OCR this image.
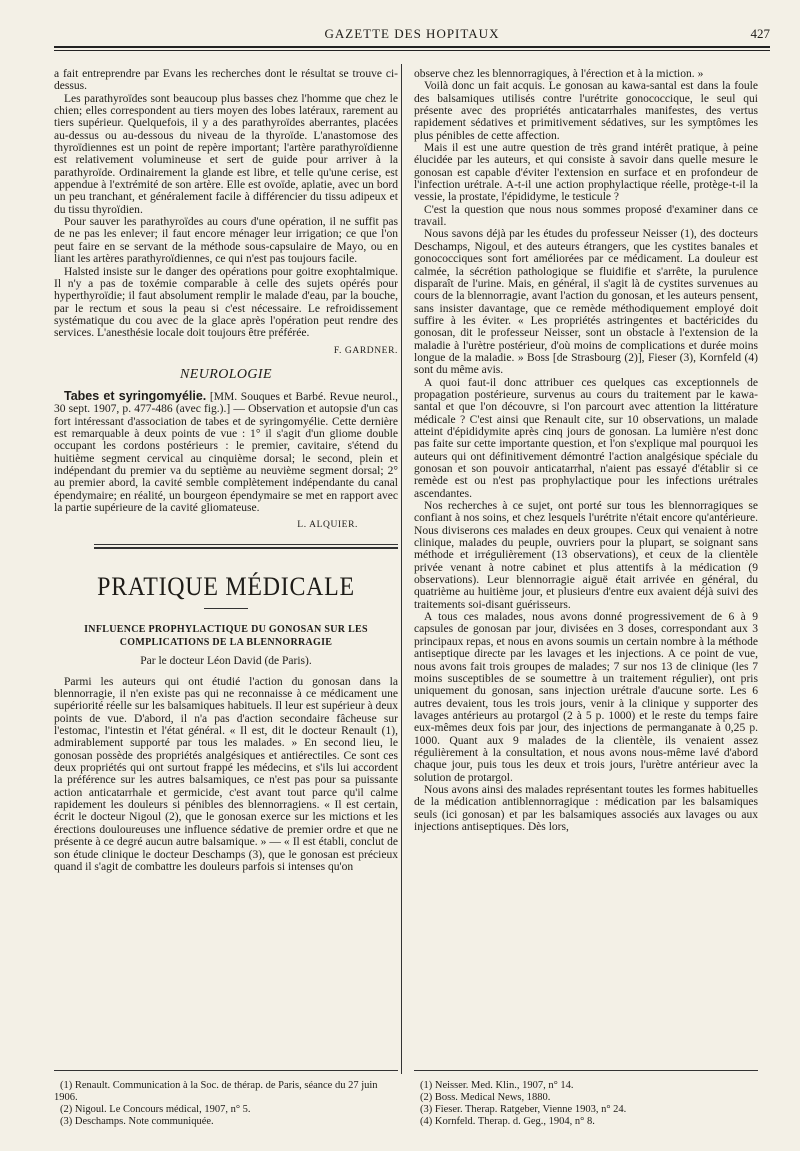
GAZETTE DES HOPITAUX	427

a fait entreprendre par Evans les recherches dont le résultat se trouve ci-dessus.

Les parathyroïdes sont beaucoup plus basses chez l'homme que chez le chien; elles correspondent au tiers moyen des lobes latéraux, rarement au tiers supérieur. Quelquefois, il y a des parathyroïdes aberrantes, placées au-dessus ou au-dessous du niveau de la thyroïde. L'anastomose des thyroïdiennes est un point de repère important; l'artère parathyroïdienne est relativement volumineuse et sert de guide pour arriver à la parathyroïde. Ordinairement la glande est libre, et telle qu'une cerise, est appendue à l'extrémité de son artère. Elle est ovoïde, aplatie, avec un bord un peu tranchant, et généralement facile à différencier du tissu adipeux et du tissu thyroïdien.

Pour sauver les parathyroïdes au cours d'une opération, il ne suffit pas de ne pas les enlever; il faut encore ménager leur irrigation; ce que l'on peut faire en se servant de la méthode sous-capsulaire de Mayo, ou en liant les artères parathyroïdiennes, ce qui n'est pas toujours facile.

Halsted insiste sur le danger des opérations pour goitre exophtalmique. Il n'y a pas de toxémie comparable à celle des sujets opérés pour hyperthyroïdie; il faut absolument remplir le malade d'eau, par la bouche, par le rectum et sous la peau si c'est nécessaire. Le refroidissement systématique du cou avec de la glace après l'opération peut rendre des services. L'anesthésie locale doit toujours être préférée.

F. GARDNER.

NEUROLOGIE

Tabes et syringomyélie. [MM. Souques et Barbé. Revue neurol., 30 sept. 1907, p. 477-486 (avec fig.).] — Observation et autopsie d'un cas fort intéressant d'association de tabes et de syringomyélie. Cette dernière est remarquable à deux points de vue : 1° il s'agit d'un gliome double occupant les cordons postérieurs : le premier, cavitaire, s'étend du huitième segment cervical au cinquième dorsal; le second, plein et indépendant du premier va du septième au neuvième segment dorsal; 2° au premier abord, la cavité semble complètement indépendante du canal épendymaire; en réalité, un bourgeon épendymaire se met en rapport avec la partie supérieure de la cavité gliomateuse.

L. ALQUIER.

PRATIQUE MÉDICALE
INFLUENCE PROPHYLACTIQUE DU GONOSAN SUR LES COMPLICATIONS DE LA BLENNORRAGIE
Par le docteur Léon David (de Paris).

Parmi les auteurs qui ont étudié l'action du gonosan dans la blennorragie, il n'en existe pas qui ne reconnaisse à ce médicament une supériorité réelle sur les balsamiques habituels. Il leur est supérieur à deux points de vue. D'abord, il n'a pas d'action secondaire fâcheuse sur l'estomac, l'intestin et l'état général. « Il est, dit le docteur Renault (1), admirablement supporté par tous les malades. » En second lieu, le gonosan possède des propriétés analgésiques et antiérectiles. Ce sont ces deux propriétés qui ont surtout frappé les médecins, et s'ils lui accordent la préférence sur les autres balsamiques, ce n'est pas pour sa puissante action anticatarrhale et germicide, c'est avant tout parce qu'il calme rapidement les douleurs si pénibles des blennorragiens. « Il est certain, écrit le docteur Nigoul (2), que le gonosan exerce sur les mictions et les érections douloureuses une influence sédative de premier ordre et que ne présente à ce degré aucun autre balsamique. » — « Il est établi, conclut de son étude clinique le docteur Deschamps (3), que le gonosan est précieux quand il s'agit de combattre les douleurs parfois si intenses qu'on

(1) Renault. Communication à la Soc. de thérap. de Paris, séance du 27 juin 1906.

(2) Nigoul. Le Concours médical, 1907, n° 5.

(3) Deschamps. Note communiquée.

observe chez les blennorragiques, à l'érection et à la miction. »

Voilà donc un fait acquis. Le gonosan au kawa-santal est dans la foule des balsamiques utilisés contre l'urétrite gonococcique, le seul qui présente avec des propriétés anticatarrhales manifestes, des vertus rapidement sédatives et primitivement sédatives, sur les symptômes les plus pénibles de cette affection.

Mais il est une autre question de très grand intérêt pratique, à peine élucidée par les auteurs, et qui consiste à savoir dans quelle mesure le gonosan est capable d'éviter l'extension en surface et en profondeur de l'infection urétrale. A-t-il une action prophylactique réelle, protège-t-il la vessie, la prostate, l'épididyme, le testicule ?

C'est la question que nous nous sommes proposé d'examiner dans ce travail.

Nous savons déjà par les études du professeur Neisser (1), des docteurs Deschamps, Nigoul, et des auteurs étrangers, que les cystites banales et gonococciques sont fort améliorées par ce médicament. La douleur est calmée, la sécrétion pathologique se fluidifie et s'arrête, la purulence disparaît de l'urine. Mais, en général, il s'agit là de cystites survenues au cours de la blennorragie, avant l'action du gonosan, et les auteurs pensent, sans insister davantage, que ce remède méthodiquement employé doit suffire à les éviter. « Les propriétés astringentes et bactéricides du gonosan, dit le professeur Neisser, sont un obstacle à l'extension de la maladie à l'urètre postérieur, d'où moins de complications et durée moins longue de la maladie. » Boss [de Strasbourg (2)], Fieser (3), Kornfeld (4) sont du même avis.

A quoi faut-il donc attribuer ces quelques cas exceptionnels de propagation postérieure, survenus au cours du traitement par le kawa-santal et que l'on découvre, si l'on parcourt avec attention la littérature médicale ? C'est ainsi que Renault cite, sur 10 observations, un malade atteint d'épididymite après cinq jours de gonosan. La lumière n'est donc pas faite sur cette importante question, et l'on s'explique mal pourquoi les auteurs qui ont définitivement démontré l'action analgésique spéciale du gonosan et son pouvoir anticatarrhal, n'aient pas essayé d'établir si ce remède est ou n'est pas prophylactique pour les infections urétrales ascendantes.

Nos recherches à ce sujet, ont porté sur tous les blennorragiques se confiant à nos soins, et chez lesquels l'urétrite n'était encore qu'antérieure. Nous diviserons ces malades en deux groupes. Ceux qui venaient à notre clinique, malades du peuple, ouvriers pour la plupart, se soignant sans méthode et irrégulièrement (13 observations), et ceux de la clientèle privée venant à notre cabinet et plus attentifs à la médication (9 observations). Leur blennorragie aiguë était arrivée en général, du quatrième au huitième jour, et plusieurs d'entre eux avaient déjà suivi des traitements soi-disant guérisseurs.

A tous ces malades, nous avons donné progressivement de 6 à 9 capsules de gonosan par jour, divisées en 3 doses, correspondant aux 3 principaux repas, et nous en avons soumis un certain nombre à la méthode antiseptique directe par les lavages et les injections. A ce point de vue, nous avons fait trois groupes de malades; 7 sur nos 13 de clinique (les 7 moins susceptibles de se soumettre à un traitement régulier), ont pris uniquement du gonosan, sans injection urétrale d'aucune sorte. Les 6 autres devaient, tous les trois jours, venir à la clinique y supporter des lavages antérieurs au protargol (2 à 5 p. 1000) et le reste du temps faire eux-mêmes deux fois par jour, des injections de permanganate à 0,25 p. 1000. Quant aux 9 malades de la clientèle, ils venaient assez régulièrement à la consultation, et nous avons nous-même lavé d'abord chaque jour, puis tous les deux et trois jours, l'urètre antérieur avec la solution de protargol.

Nous avons ainsi des malades représentant toutes les formes habituelles de la médication antiblennorragique : médication par les balsamiques seuls (ici gonosan) et par les balsamiques associés aux lavages ou aux injections antiseptiques. Dès lors,

(1) Neisser. Med. Klin., 1907, n° 14.

(2) Boss. Medical News, 1880.

(3) Fieser. Therap. Ratgeber, Vienne 1903, n° 24.

(4) Kornfeld. Therap. d. Geg., 1904, n° 8.
